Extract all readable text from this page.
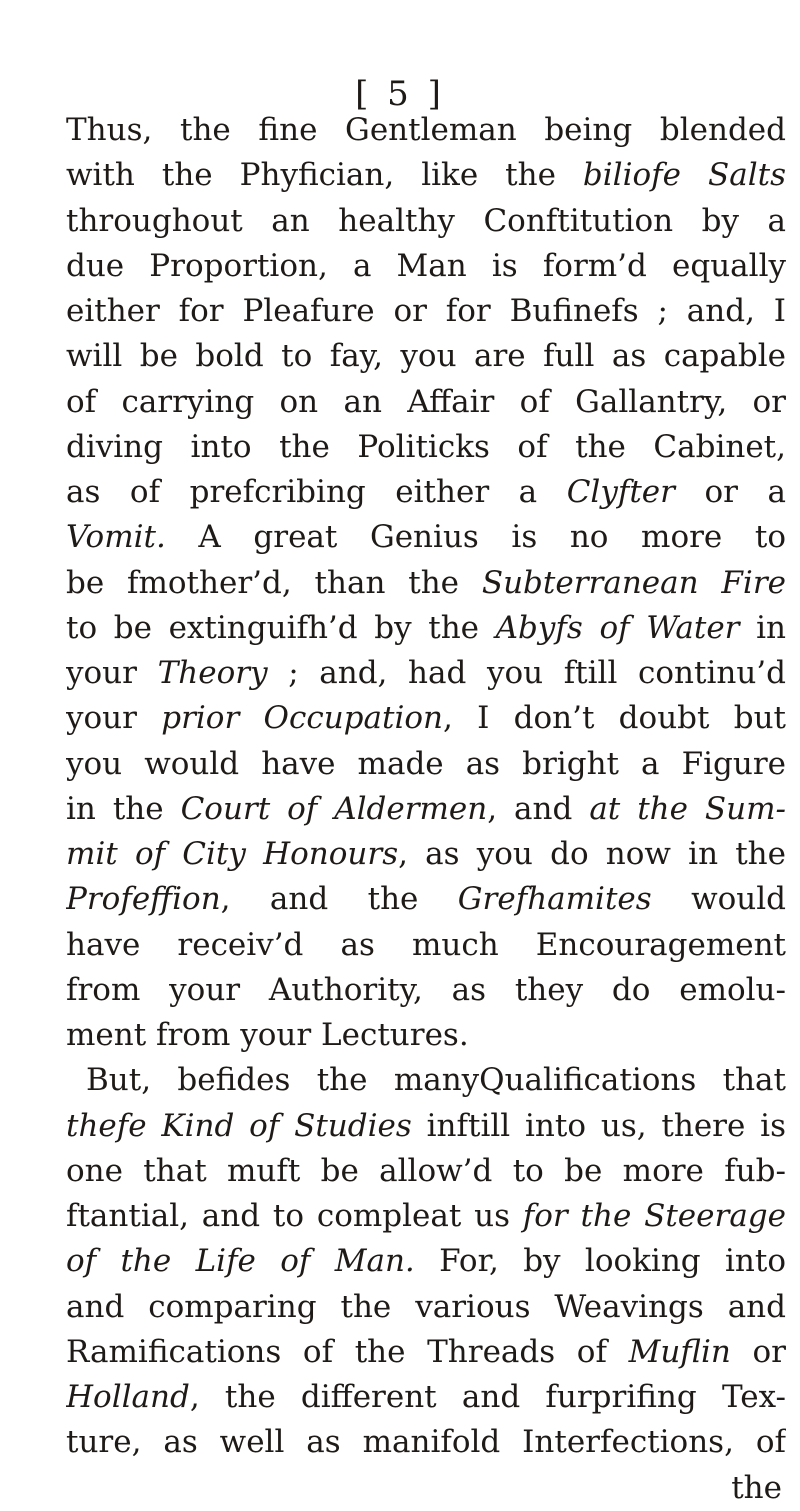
[ 5 ]
Thus, the fine Gentleman being blended
with the Phyfician, like the biliofe Salts
throughout an healthy Conftitution by a
due Proportion, a Man is form’d equally
either for Pleafure or for Bufinefs ; and, I
will be bold to fay, you are full as capable
of carrying on an Affair of Gallantry, or
diving into the Politicks of the Cabinet,
as of prefcribing either a Clyfter or a
Vomit. A great Genius is no more to
be fmother’d, than the Subterranean Fire
to be extinguifh’d by the Abyfs of Water in
your Theory ; and, had you ftill continu’d
your prior Occupation, I don’t doubt but
you would have made as bright a Figure
in the Court of Aldermen, and at the Sum-
mit of City Honours, as you do now in the
Profeffion, and the Grefhamites would
have receiv’d as much Encouragement
from your Authority, as they do emolu-
ment from your Lectures.
But, befides the manyQualifications that
thefe Kind of Studies inftill into us, there is
one that muft be allow’d to be more fub-
ftantial, and to compleat us for the Steerage
of the Life of Man. For, by looking into
and comparing the various Weavings and
Ramifications of the Threads of Muflin or
Holland, the different and furprifing Tex-
ture, as well as manifold Interfections, of
the
